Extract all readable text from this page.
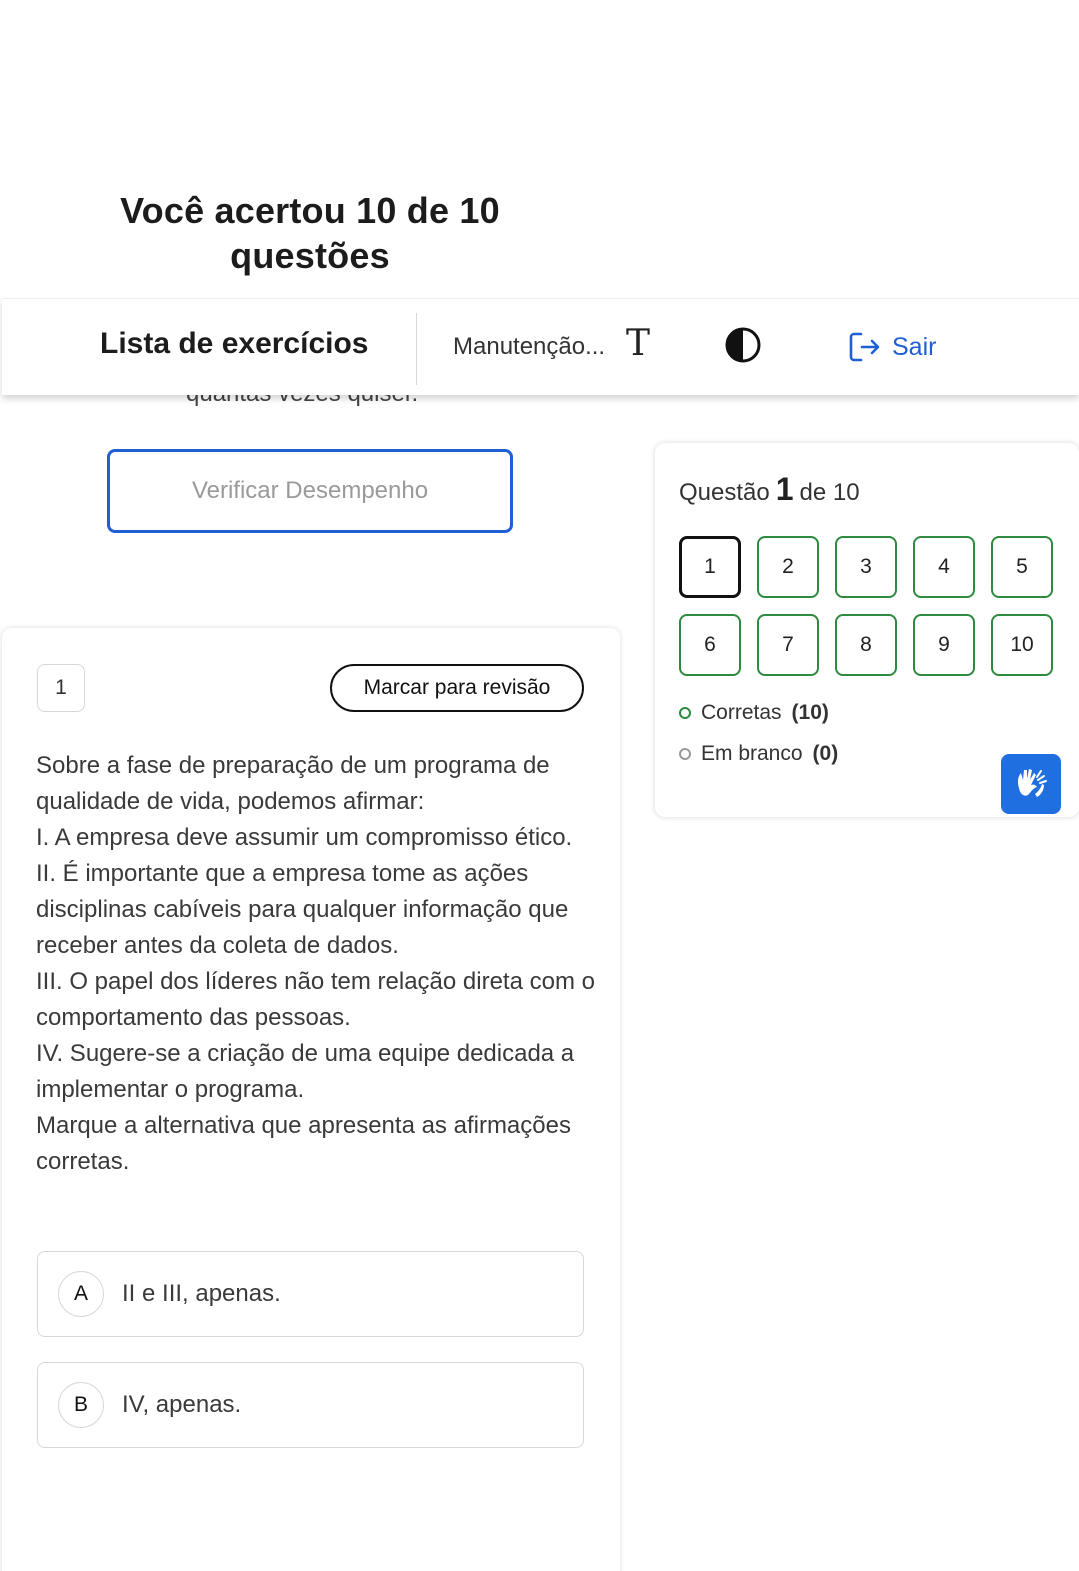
Você acertou 10 de 10 questões
Lista de exercícios	Manutenção... T	Sair
Verificar Desempenho
1	Marcar para revisão

Sobre a fase de preparação de um programa de qualidade de vida, podemos afirmar:

I. A empresa deve assumir um compromisso ético.

II. É importante que a empresa tome as ações disciplinas cabíveis para qualquer informação que receber antes da coleta de dados.

III. O papel dos líderes não tem relação direta com o comportamento das pessoas.

IV. Sugere-se a criação de uma equipe dedicada a implementar o programa.

Marque a alternativa que apresenta as afirmações corretas.

A	II e III, apenas.
B	IV, apenas.
Questão 1 de 10
1	2	3	4	5
6	7	8	9	10
Corretas (10)
Em branco (0)
